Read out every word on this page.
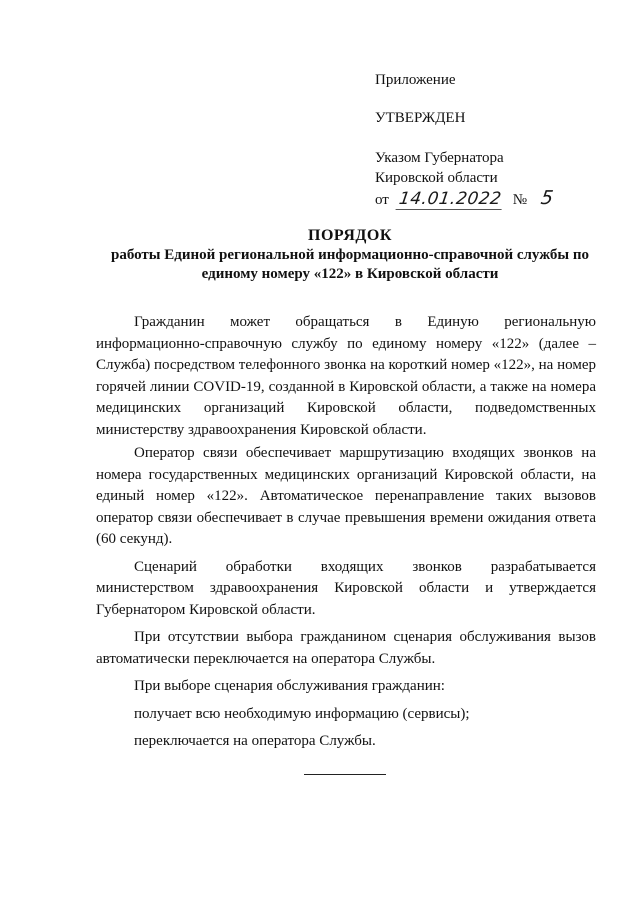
Приложение
УТВЕРЖДЕН
Указом Губернатора
Кировской области
от 14.01.2022 № 5
ПОРЯДОК
работы Единой региональной информационно-справочной службы по единому номеру «122» в Кировской области

Гражданин может обращаться в Единую региональную информационно-справочную службу по единому номеру «122» (далее – Служба) посредством телефонного звонка на короткий номер «122», на номер горячей линии COVID-19, созданной в Кировской области, а также на номера медицинских организаций Кировской области, подведомственных министерству здравоохранения Кировской области.

Оператор связи обеспечивает маршрутизацию входящих звонков на номера государственных медицинских организаций Кировской области, на единый номер «122». Автоматическое перенаправление таких вызовов оператор связи обеспечивает в случае превышения времени ожидания ответа (60 секунд).

Сценарий обработки входящих звонков разрабатывается министерством здравоохранения Кировской области и утверждается Губернатором Кировской области.

При отсутствии выбора гражданином сценария обслуживания вызов автоматически переключается на оператора Службы.

При выборе сценария обслуживания гражданин:

получает всю необходимую информацию (сервисы);

переключается на оператора Службы.
